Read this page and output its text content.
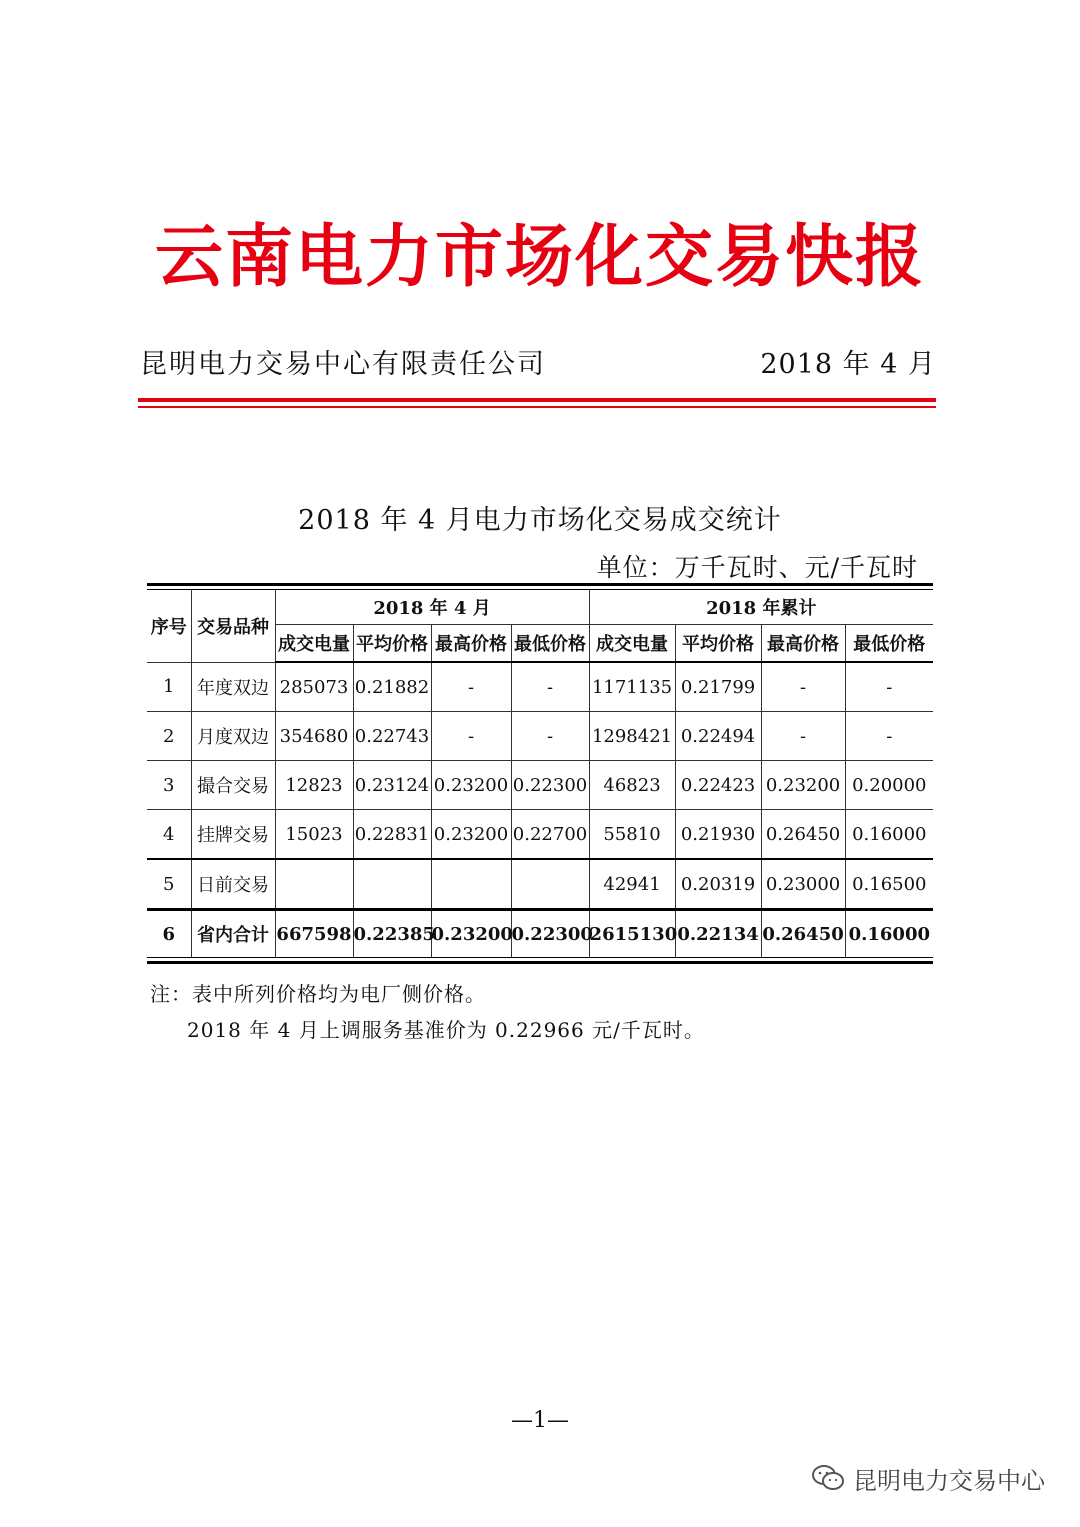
云南电力市场化交易快报
昆明电力交易中心有限责任公司	2018 年 4 月
2018 年 4 月电力市场化交易成交统计
单位：万千瓦时、元/千瓦时
序号	交易品种	2018 年 4 月				2018 年累计			
		成交电量	平均价格	最高价格	最低价格	成交电量	平均价格	最高价格	最低价格
1	年度双边	285073	0.21882	-	-	1171135	0.21799	-	-
2	月度双边	354680	0.22743	-	-	1298421	0.22494	-	-
3	撮合交易	12823	0.23124	0.23200	0.22300	46823	0.22423	0.23200	0.20000
4	挂牌交易	15023	0.22831	0.23200	0.22700	55810	0.21930	0.26450	0.16000
5	日前交易					42941	0.20319	0.23000	0.16500
6	省内合计	667598	0.22385	0.23200	0.22300	2615130	0.22134	0.26450	0.16000
注：表中所列价格均为电厂侧价格。
2018 年 4 月上调服务基准价为 0.22966 元/千瓦时。
—1—
昆明电力交易中心
